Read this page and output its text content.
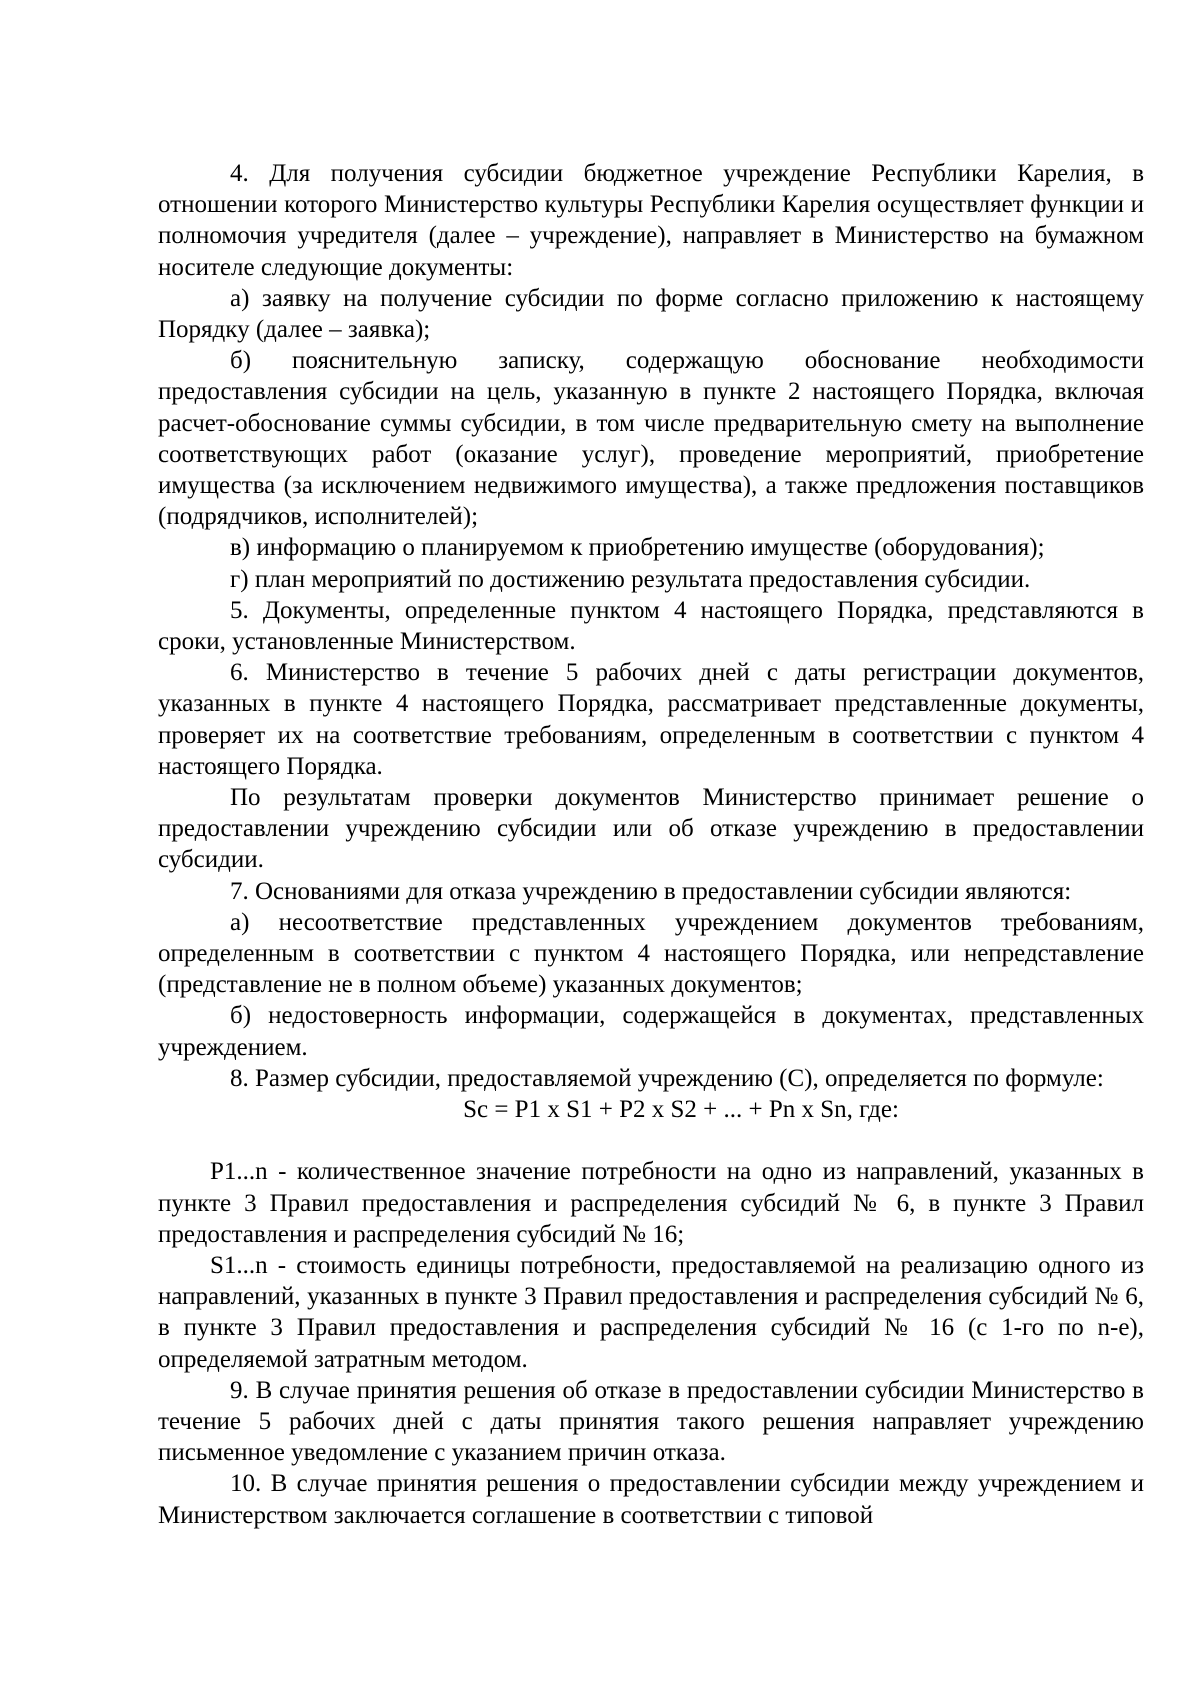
4. Для получения субсидии бюджетное учреждение Республики Карелия, в отношении которого Министерство культуры Республики Карелия осуществляет функции и полномочия учредителя (далее – учреждение), направляет в Министерство на бумажном носителе следующие документы:

а) заявку на получение субсидии по форме согласно приложению к настоящему Порядку (далее – заявка);

б) пояснительную записку, содержащую обоснование необходимости предоставления субсидии на цель, указанную в пункте 2 настоящего Порядка, включая расчет-обоснование суммы субсидии, в том числе предварительную смету на выполнение соответствующих работ (оказание услуг), проведение мероприятий, приобретение имущества (за исключением недвижимого имущества), а также предложения поставщиков (подрядчиков, исполнителей);

в) информацию о планируемом к приобретению имуществе (оборудования);

г) план мероприятий по достижению результата предоставления субсидии.

5. Документы, определенные пунктом 4 настоящего Порядка, представляются в сроки, установленные Министерством.

6. Министерство в течение 5 рабочих дней с даты регистрации документов, указанных в пункте 4 настоящего Порядка, рассматривает представленные документы, проверяет их на соответствие требованиям, определенным в соответствии с пунктом 4 настоящего Порядка.

По результатам проверки документов Министерство принимает решение о предоставлении учреждению субсидии или об отказе учреждению в предоставлении субсидии.

7. Основаниями для отказа учреждению в предоставлении субсидии являются:

а) несоответствие представленных учреждением документов требованиям, определенным в соответствии с пунктом 4 настоящего Порядка, или непредставление (представление не в полном объеме) указанных документов;

б) недостоверность информации, содержащейся в документах, представленных учреждением.

8. Размер субсидии, предоставляемой учреждению (С), определяется по формуле:

Sc = P1 x S1 + P2 x S2 + ... + Pn x Sn, где:

P1...n - количественное значение потребности на одно из направлений, указанных в пункте 3 Правил предоставления и распределения субсидий № 6, в пункте 3 Правил предоставления и распределения субсидий № 16;

S1...n - стоимость единицы потребности, предоставляемой на реализацию одного из направлений, указанных в пункте 3 Правил предоставления и распределения субсидий № 6, в пункте 3 Правил предоставления и распределения субсидий № 16 (с 1-го по n-е), определяемой затратным методом.

9. В случае принятия решения об отказе в предоставлении субсидии Министерство в течение 5 рабочих дней с даты принятия такого решения направляет учреждению письменное уведомление с указанием причин отказа.

10. В случае принятия решения о предоставлении субсидии между учреждением и Министерством заключается соглашение в соответствии с типовой
